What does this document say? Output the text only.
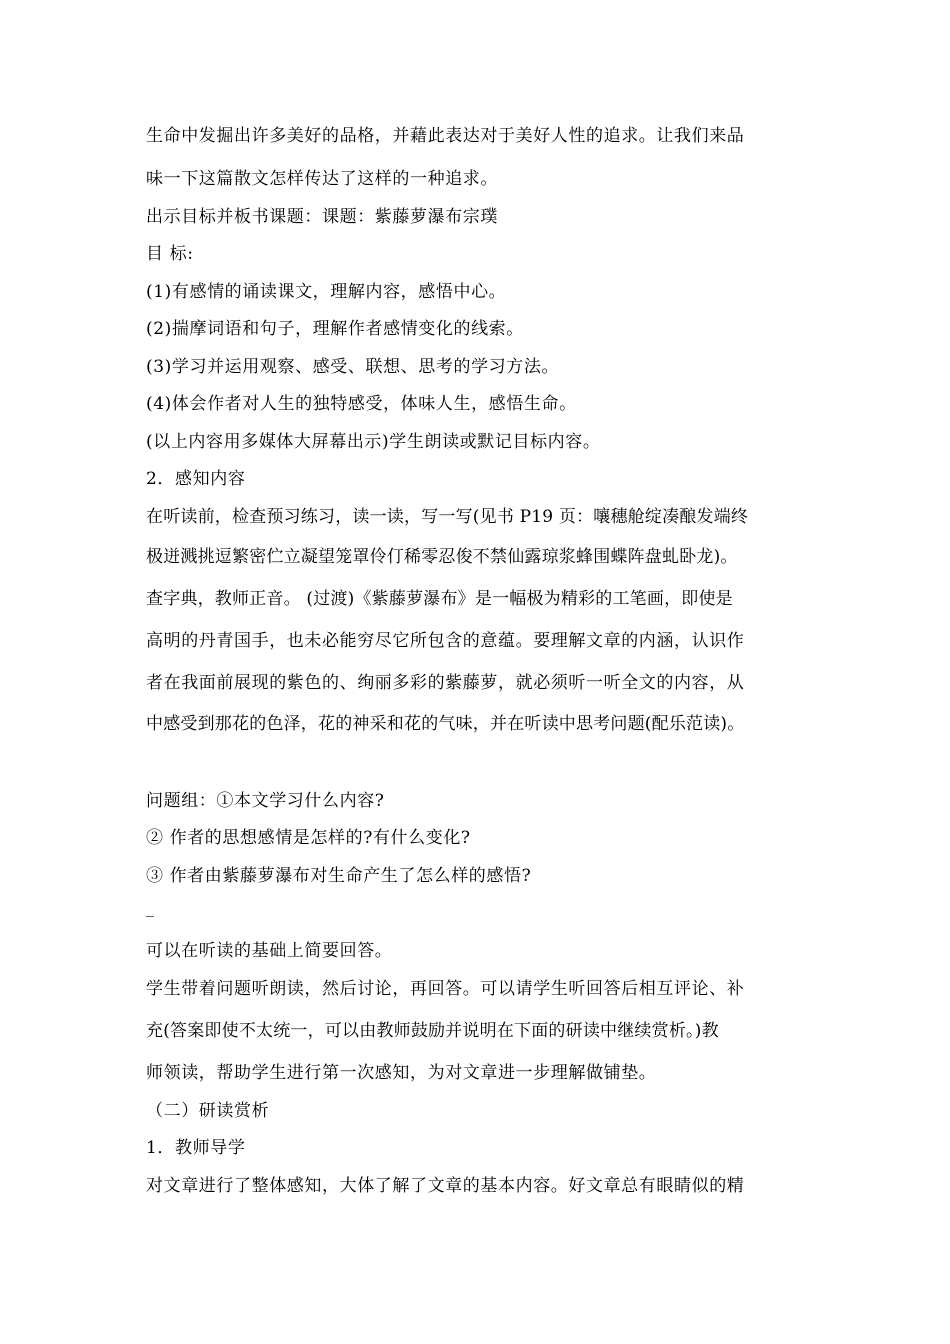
生命中发掘出许多美好的品格，并藉此表达对于美好人性的追求。让我们来品
味一下这篇散文怎样传达了这样的一种追求。
出示目标并板书课题：课题：紫藤萝瀑布宗璞
目 标:
(1)有感情的诵读课文，理解内容，感悟中心。
(2)揣摩词语和句子，理解作者感情变化的线索。
(3)学习并运用观察、感受、联想、思考的学习方法。
(4)体会作者对人生的独特感受，体味人生，感悟生命。
(以上内容用多媒体大屏幕出示)学生朗读或默记目标内容。
2．感知内容
在听读前，检查预习练习，读一读，写一写(见书 P19 页：嚷穗舱绽凑酿发端终
极迸溅挑逗繁密伫立凝望笼罩伶仃稀零忍俊不禁仙露琼浆蜂围蝶阵盘虬卧龙)。
查字典，教师正音。 (过渡)《紫藤萝瀑布》是一幅极为精彩的工笔画，即使是
高明的丹青国手，也未必能穷尽它所包含的意蕴。要理解文章的内涵，认识作
者在我面前展现的紫色的、绚丽多彩的紫藤萝，就必须听一听全文的内容，从
中感受到那花的色泽，花的神采和花的气味，并在听读中思考问题(配乐范读)。
问题组：①本文学习什么内容?
② 作者的思想感情是怎样的?有什么变化?
③ 作者由紫藤萝瀑布对生命产生了怎么样的感悟?
_
可以在听读的基础上简要回答。
学生带着问题听朗读，然后讨论，再回答。可以请学生听回答后相互评论、补
充(答案即使不太统一，可以由教师鼓励并说明在下面的研读中继续赏析。)教
师领读，帮助学生进行第一次感知，为对文章进一步理解做铺垫。
（二）研读赏析
1．教师导学
对文章进行了整体感知，大体了解了文章的基本内容。好文章总有眼睛似的精
